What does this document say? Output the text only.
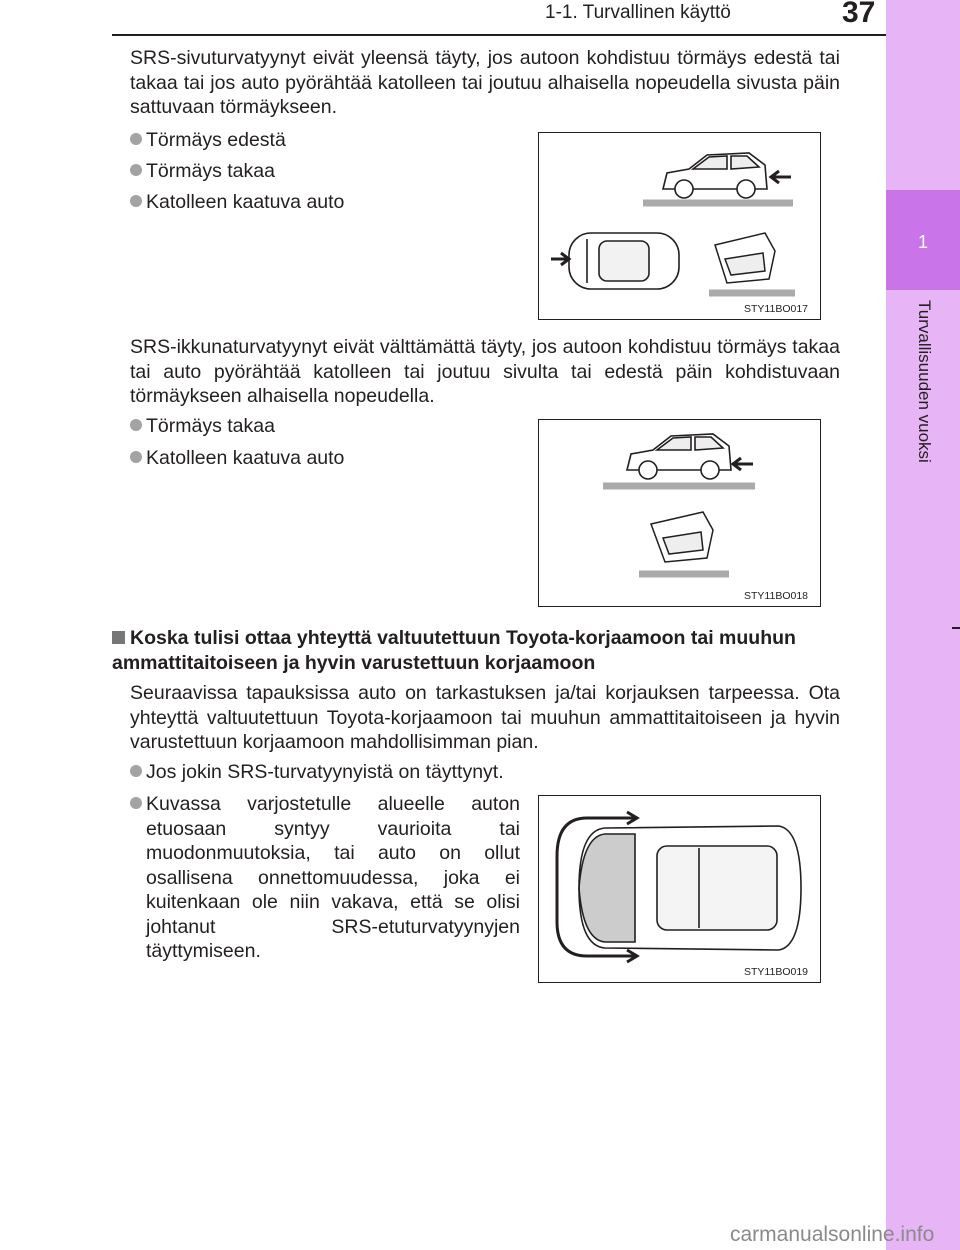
1-1. Turvallinen käyttö	37
1
Turvallisuuden vuoksi
SRS-sivuturvatyynyt eivät yleensä täyty, jos autoon kohdistuu törmäys edestä tai takaa tai jos auto pyörähtää katolleen tai joutuu alhaisella nopeudella sivusta päin sattuvaan törmäykseen.
Törmäys edestä
Törmäys takaa
Katolleen kaatuva auto
STY11BO017
SRS-ikkunaturvatyynyt eivät välttämättä täyty, jos autoon kohdistuu törmäys takaa tai auto pyörähtää katolleen tai joutuu sivulta tai edestä päin kohdistuvaan törmäykseen alhaisella nopeudella.
Törmäys takaa
Katolleen kaatuva auto
STY11BO018
Koska tulisi ottaa yhteyttä valtuutettuun Toyota-korjaamoon tai muuhun ammattitaitoiseen ja hyvin varustettuun korjaamoon
Seuraavissa tapauksissa auto on tarkastuksen ja/tai korjauksen tarpeessa. Ota yhteyttä valtuutettuun Toyota-korjaamoon tai muuhun ammattitaitoiseen ja hyvin varustettuun korjaamoon mahdollisimman pian.
Jos jokin SRS-turvatyynyistä on täyttynyt.
Kuvassa varjostetulle alueelle auton etuosaan syntyy vaurioita tai muodonmuutoksia, tai auto on ollut osallisena onnettomuudessa, joka ei kuitenkaan ole niin vakava, että se olisi johtanut SRS-etuturvatyynyjen täyttymiseen.
STY11BO019
carmanualsonline.info
